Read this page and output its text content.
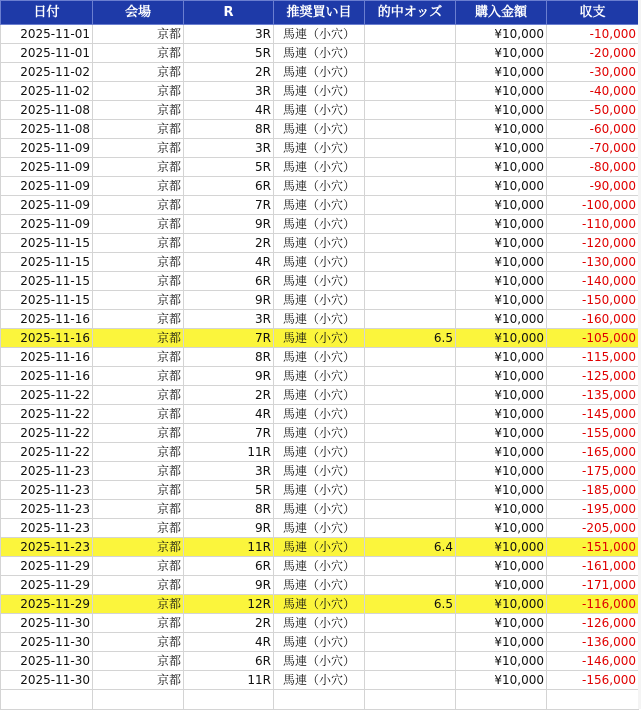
日付	会場	R	推奨買い目	的中オッズ	購入金額	収支
2025-11-01	京都	3R	馬連（小穴）		¥10,000	-10,000
2025-11-01	京都	5R	馬連（小穴）		¥10,000	-20,000
2025-11-02	京都	2R	馬連（小穴）		¥10,000	-30,000
2025-11-02	京都	3R	馬連（小穴）		¥10,000	-40,000
2025-11-08	京都	4R	馬連（小穴）		¥10,000	-50,000
2025-11-08	京都	8R	馬連（小穴）		¥10,000	-60,000
2025-11-09	京都	3R	馬連（小穴）		¥10,000	-70,000
2025-11-09	京都	5R	馬連（小穴）		¥10,000	-80,000
2025-11-09	京都	6R	馬連（小穴）		¥10,000	-90,000
2025-11-09	京都	7R	馬連（小穴）		¥10,000	-100,000
2025-11-09	京都	9R	馬連（小穴）		¥10,000	-110,000
2025-11-15	京都	2R	馬連（小穴）		¥10,000	-120,000
2025-11-15	京都	4R	馬連（小穴）		¥10,000	-130,000
2025-11-15	京都	6R	馬連（小穴）		¥10,000	-140,000
2025-11-15	京都	9R	馬連（小穴）		¥10,000	-150,000
2025-11-16	京都	3R	馬連（小穴）		¥10,000	-160,000
2025-11-16	京都	7R	馬連（小穴）	6.5	¥10,000	-105,000
2025-11-16	京都	8R	馬連（小穴）		¥10,000	-115,000
2025-11-16	京都	9R	馬連（小穴）		¥10,000	-125,000
2025-11-22	京都	2R	馬連（小穴）		¥10,000	-135,000
2025-11-22	京都	4R	馬連（小穴）		¥10,000	-145,000
2025-11-22	京都	7R	馬連（小穴）		¥10,000	-155,000
2025-11-22	京都	11R	馬連（小穴）		¥10,000	-165,000
2025-11-23	京都	3R	馬連（小穴）		¥10,000	-175,000
2025-11-23	京都	5R	馬連（小穴）		¥10,000	-185,000
2025-11-23	京都	8R	馬連（小穴）		¥10,000	-195,000
2025-11-23	京都	9R	馬連（小穴）		¥10,000	-205,000
2025-11-23	京都	11R	馬連（小穴）	6.4	¥10,000	-151,000
2025-11-29	京都	6R	馬連（小穴）		¥10,000	-161,000
2025-11-29	京都	9R	馬連（小穴）		¥10,000	-171,000
2025-11-29	京都	12R	馬連（小穴）	6.5	¥10,000	-116,000
2025-11-30	京都	2R	馬連（小穴）		¥10,000	-126,000
2025-11-30	京都	4R	馬連（小穴）		¥10,000	-136,000
2025-11-30	京都	6R	馬連（小穴）		¥10,000	-146,000
2025-11-30	京都	11R	馬連（小穴）		¥10,000	-156,000
